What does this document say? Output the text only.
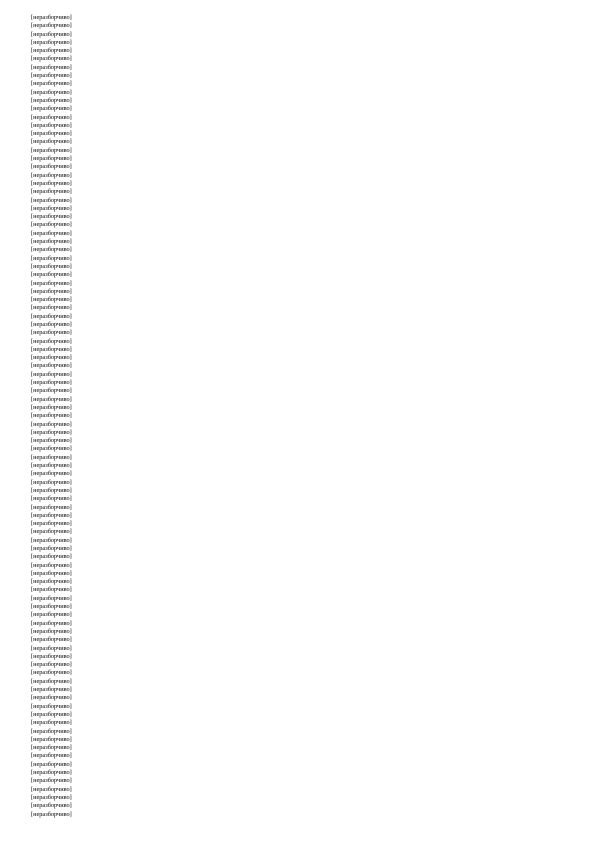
[неразборчиво]
[неразборчиво]
[неразборчиво]
[неразборчиво]
[неразборчиво]
[неразборчиво]
[неразборчиво]
[неразборчиво]
[неразборчиво]
[неразборчиво]
[неразборчиво]
[неразборчиво]
[неразборчиво]
[неразборчиво]
[неразборчиво]
[неразборчиво]
[неразборчиво]
[неразборчиво]
[неразборчиво]
[неразборчиво]
[неразборчиво]
[неразборчиво]
[неразборчиво]
[неразборчиво]
[неразборчиво]
[неразборчиво]
[неразборчиво]
[неразборчиво]
[неразборчиво]
[неразборчиво]
[неразборчиво]
[неразборчиво]
[неразборчиво]
[неразборчиво]
[неразборчиво]
[неразборчиво]
[неразборчиво]
[неразборчиво]
[неразборчиво]
[неразборчиво]
[неразборчиво]
[неразборчиво]
[неразборчиво]
[неразборчиво]
[неразборчиво]
[неразборчиво]
[неразборчиво]
[неразборчиво]
[неразборчиво]
[неразборчиво]
[неразборчиво]
[неразборчиво]
[неразборчиво]
[неразборчиво]
[неразборчиво]
[неразборчиво]
[неразборчиво]
[неразборчиво]
[неразборчиво]
[неразборчиво]
[неразборчиво]
[неразборчиво]
[неразборчиво]
[неразборчиво]
[неразборчиво]
[неразборчиво]
[неразборчиво]
[неразборчиво]
[неразборчиво]
[неразборчиво]
[неразборчиво]
[неразборчиво]
[неразборчиво]
[неразборчиво]
[неразборчиво]
[неразборчиво]
[неразборчиво]
[неразборчиво]
[неразборчиво]
[неразборчиво]
[неразборчиво]
[неразборчиво]
[неразборчиво]
[неразборчиво]
[неразборчиво]
[неразборчиво]
[неразборчиво]
[неразборчиво]
[неразборчиво]
[неразборчиво]
[неразборчиво]
[неразборчиво]
[неразборчиво]
[неразборчиво]
[неразборчиво]
[неразборчиво]
[неразборчиво]
